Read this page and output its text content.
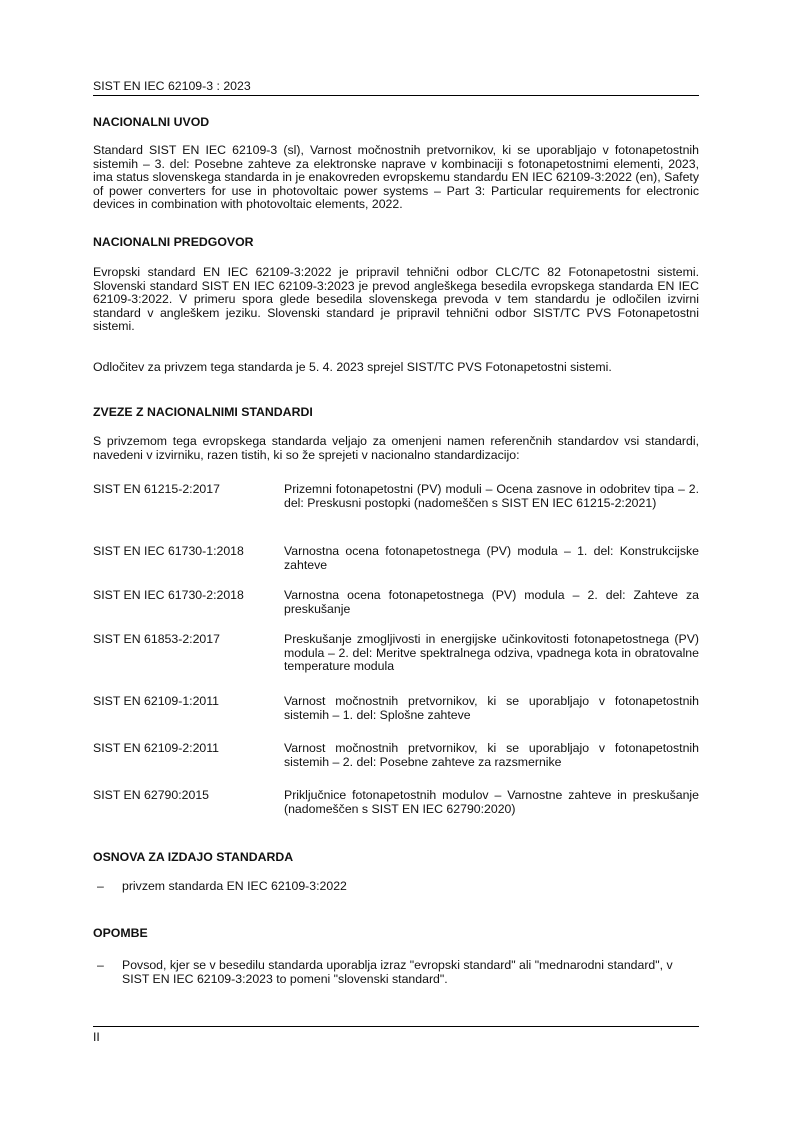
SIST EN IEC 62109-3 : 2023
NACIONALNI UVOD
Standard SIST EN IEC 62109-3 (sl), Varnost močnostnih pretvornikov, ki se uporabljajo v fotonapetostnih sistemih – 3. del: Posebne zahteve za elektronske naprave v kombinaciji s fotonapetostnimi elementi, 2023, ima status slovenskega standarda in je enakovreden evropskemu standardu EN IEC 62109-3:2022 (en), Safety of power converters for use in photovoltaic power systems – Part 3: Particular requirements for electronic devices in combination with photovoltaic elements, 2022.
NACIONALNI PREDGOVOR
Evropski standard EN IEC 62109-3:2022 je pripravil tehnični odbor CLC/TC 82 Fotonapetostni sistemi. Slovenski standard SIST EN IEC 62109-3:2023 je prevod angleškega besedila evropskega standarda EN IEC 62109-3:2022. V primeru spora glede besedila slovenskega prevoda v tem standardu je odločilen izvirni standard v angleškem jeziku. Slovenski standard je pripravil tehnični odbor SIST/TC PVS Fotonapetostni sistemi.
Odločitev za privzem tega standarda je 5. 4. 2023 sprejel SIST/TC PVS Fotonapetostni sistemi.
ZVEZE Z NACIONALNIMI STANDARDI
S privzemom tega evropskega standarda veljajo za omenjeni namen referenčnih standardov vsi standardi, navedeni v izvirniku, razen tistih, ki so že sprejeti v nacionalno standardizacijo:
SIST EN 61215-2:2017	Prizemni fotonapetostni (PV) moduli – Ocena zasnove in odobritev tipa – 2. del: Preskusni postopki (nadomeščen s SIST EN IEC 61215-2:2021)
SIST EN IEC 61730-1:2018	Varnostna ocena fotonapetostnega (PV) modula – 1. del: Konstrukcijske zahteve
SIST EN IEC 61730-2:2018	Varnostna ocena fotonapetostnega (PV) modula – 2. del: Zahteve za preskušanje
SIST EN 61853-2:2017	Preskušanje zmogljivosti in energijske učinkovitosti fotonapetostnega (PV) modula – 2. del: Meritve spektralnega odziva, vpadnega kota in obratovalne temperature modula
SIST EN 62109-1:2011	Varnost močnostnih pretvornikov, ki se uporabljajo v fotonapetostnih sistemih – 1. del: Splošne zahteve
SIST EN 62109-2:2011	Varnost močnostnih pretvornikov, ki se uporabljajo v fotonapetostnih sistemih – 2. del: Posebne zahteve za razsmernike
SIST EN 62790:2015	Priključnice fotonapetostnih modulov – Varnostne zahteve in preskušanje (nadomeščen s SIST EN IEC 62790:2020)
OSNOVA ZA IZDAJO STANDARDA
– privzem standarda EN IEC 62109-3:2022
OPOMBE
– Povsod, kjer se v besedilu standarda uporablja izraz "evropski standard" ali "mednarodni standard", v SIST EN IEC 62109-3:2023 to pomeni "slovenski standard".
II
